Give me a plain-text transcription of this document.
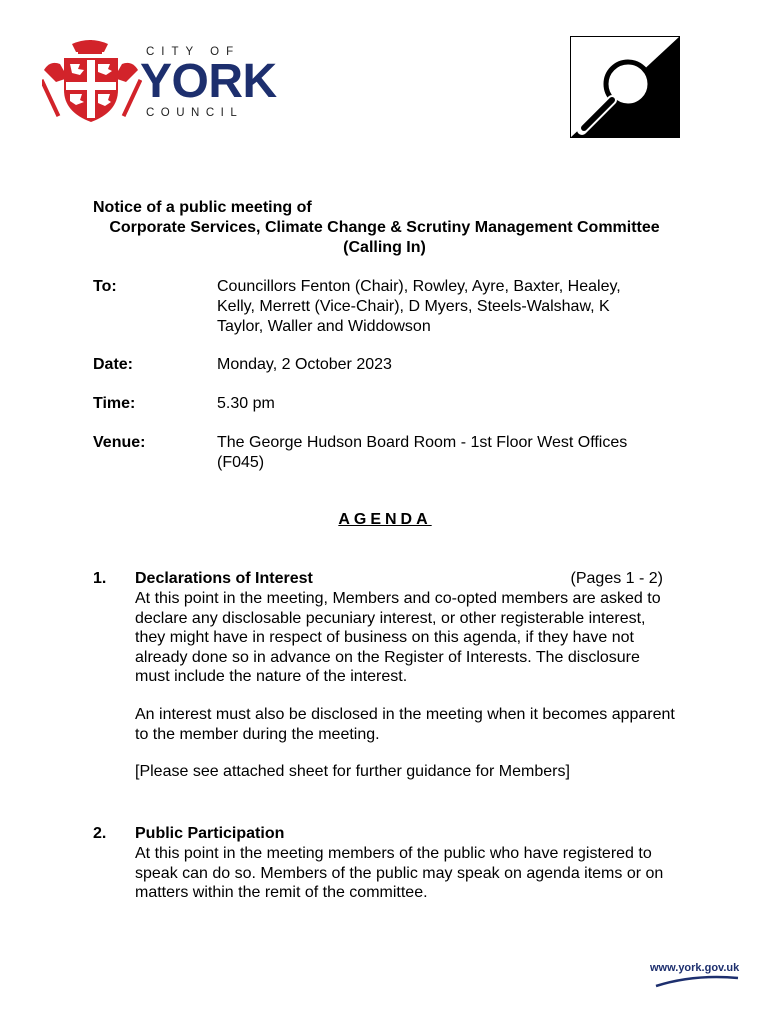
CITY OF
YORK
COUNCIL
Notice of a public meeting of
Corporate Services, Climate Change & Scrutiny Management Committee (Calling In)
To:	Councillors Fenton (Chair), Rowley, Ayre, Baxter, Healey, Kelly, Merrett (Vice-Chair), D Myers, Steels-Walshaw, K Taylor, Waller and Widdowson
Date:	Monday, 2 October 2023
Time:	5.30 pm
Venue:	The George Hudson Board Room - 1st Floor West Offices (F045)
AGENDA
1. Declarations of Interest	(Pages 1 - 2)

At this point in the meeting, Members and co-opted members are asked to declare any disclosable pecuniary interest, or other registerable interest, they might have in respect of business on this agenda, if they have not already done so in advance on the Register of Interests. The disclosure must include the nature of the interest.

An interest must also be disclosed in the meeting when it becomes apparent to the member during the meeting.

[Please see attached sheet for further guidance for Members]

2. Public Participation

At this point in the meeting members of the public who have registered to speak can do so. Members of the public may speak on agenda items or on matters within the remit of the committee.

www.york.gov.uk
